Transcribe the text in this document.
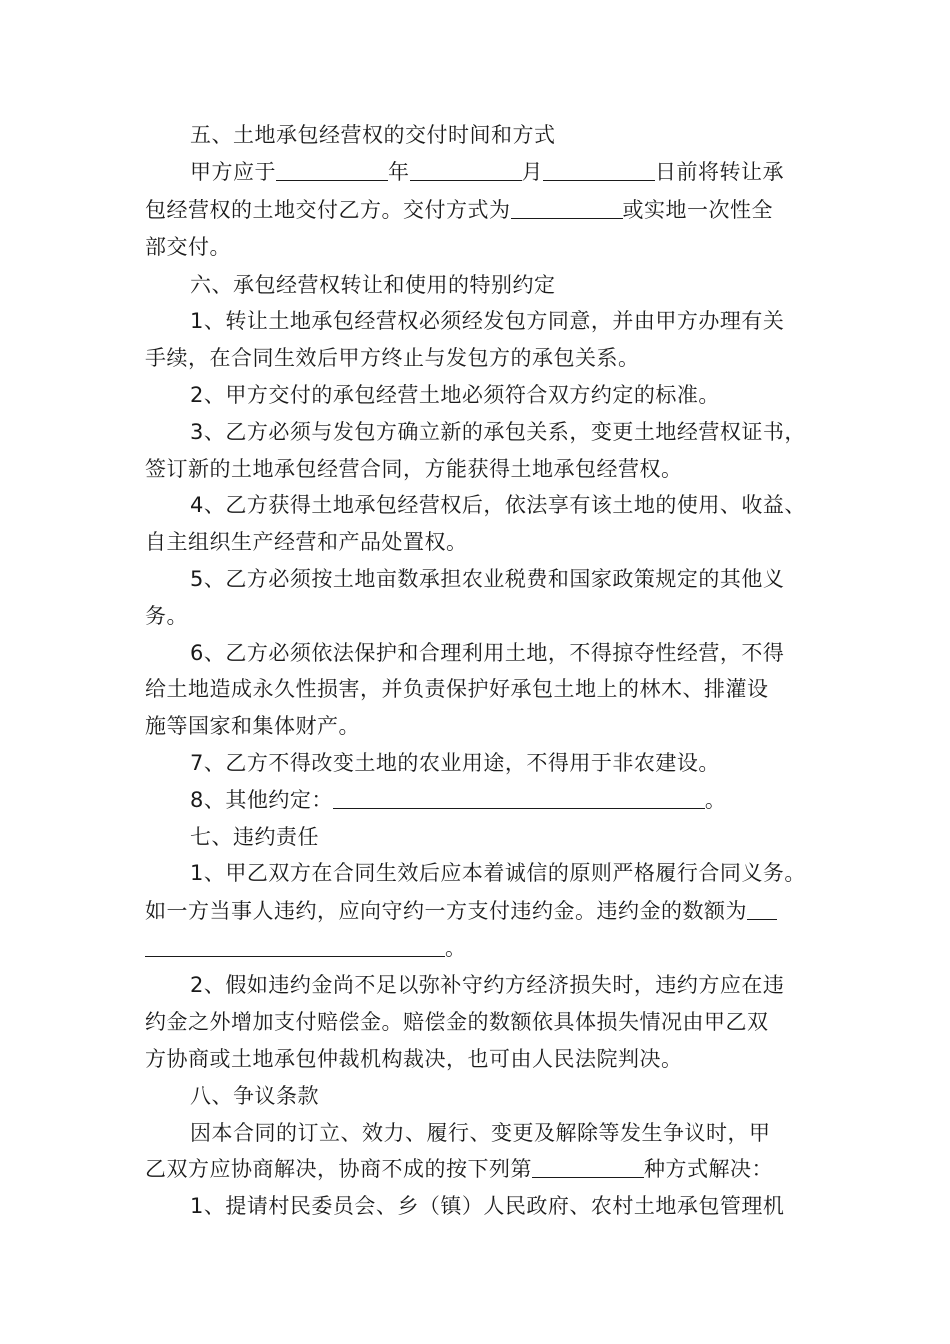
五、土地承包经营权的交付时间和方式
甲方应于	年	月	日前将转让承
包经营权的土地交付乙方。交付方式为	或实地一次性全
部交付。
六、承包经营权转让和使用的特别约定
1、转让土地承包经营权必须经发包方同意，并由甲方办理有关
手续，在合同生效后甲方终止与发包方的承包关系。
2、甲方交付的承包经营土地必须符合双方约定的标准。
3、乙方必须与发包方确立新的承包关系，变更土地经营权证书，
签订新的土地承包经营合同，方能获得土地承包经营权。
4、乙方获得土地承包经营权后，依法享有该土地的使用、收益、
自主组织生产经营和产品处置权。
5、乙方必须按土地亩数承担农业税费和国家政策规定的其他义
务。
6、乙方必须依法保护和合理利用土地，不得掠夺性经营，不得
给土地造成永久性损害，并负责保护好承包土地上的林木、排灌设
施等国家和集体财产。
7、乙方不得改变土地的农业用途，不得用于非农建设。
8、其他约定：	。
七、违约责任
1、甲乙双方在合同生效后应本着诚信的原则严格履行合同义务。
如一方当事人违约，应向守约一方支付违约金。违约金的数额为
。
2、假如违约金尚不足以弥补守约方经济损失时，违约方应在违
约金之外增加支付赔偿金。赔偿金的数额依具体损失情况由甲乙双
方协商或土地承包仲裁机构裁决，也可由人民法院判决。
八、争议条款
因本合同的订立、效力、履行、变更及解除等发生争议时，甲
乙双方应协商解决，协商不成的按下列第	种方式解决：
1、提请村民委员会、乡（镇）人民政府、农村土地承包管理机
